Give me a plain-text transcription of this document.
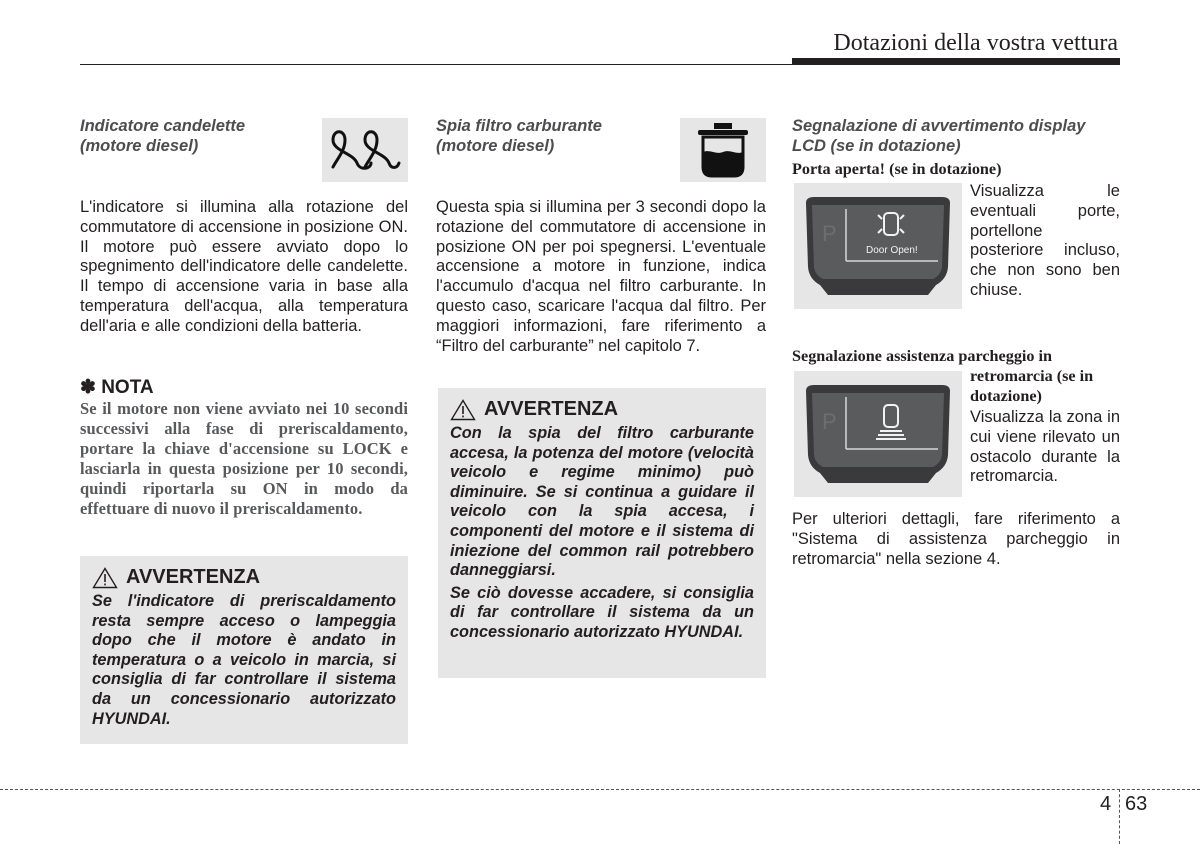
Dotazioni della vostra vettura
Indicatore candelette
(motore diesel)
L'indicatore si illumina alla rotazione del commutatore di accensione in posizione ON. Il motore può essere avviato dopo lo spegnimento dell'indicatore delle candelette. Il tempo di accensione varia in base alla temperatura dell'acqua, alla temperatura dell'aria e alle condizioni della batteria.
✽ NOTA
Se il motore non viene avviato nei 10 secondi successivi alla fase di preriscaldamento, portare la chiave d'accensione su LOCK e lasciarla in questa posizione per 10 secondi, quindi riportarla su ON in modo da effettuare di nuovo il preriscaldamento.
AVVERTENZA

Se l'indicatore di preriscaldamento resta sempre acceso o lampeggia dopo che il motore è andato in temperatura o a veicolo in marcia, si consiglia di far controllare il sistema da un concessionario autorizzato HYUNDAI.

Spia filtro carburante
(motore diesel)
Questa spia si illumina per 3 secondi dopo la rotazione del commutatore di accensione in posizione ON per poi spegnersi. L'eventuale accensione a motore in funzione, indica l'accumulo d'acqua nel filtro carburante. In questo caso, scaricare l'acqua dal filtro. Per maggiori informazioni, fare riferimento a “Filtro del carburante” nel capitolo 7.
AVVERTENZA

Con la spia del filtro carburante accesa, la potenza del motore (velocità veicolo e regime minimo) può diminuire. Se si continua a guidare il veicolo con la spia accesa, i componenti del motore e il sistema di iniezione del common rail potrebbero danneggiarsi.

Se ciò dovesse accadere, si consiglia di far controllare il sistema da un concessionario autorizzato HYUNDAI.

Segnalazione di avvertimento display
LCD (se in dotazione)
Porta aperta! (se in dotazione)
P
Door Open!
Visualizza le eventuali porte, portellone posteriore incluso, che non sono ben chiuse.
Segnalazione assistenza parcheggio in
retromarcia (se in
dotazione)
P	Visualizza la zona in cui viene rilevato un ostacolo durante la retromarcia.
Per ulteriori dettagli, fare riferimento a "Sistema di assistenza parcheggio in retromarcia" nella sezione 4.
4 63
